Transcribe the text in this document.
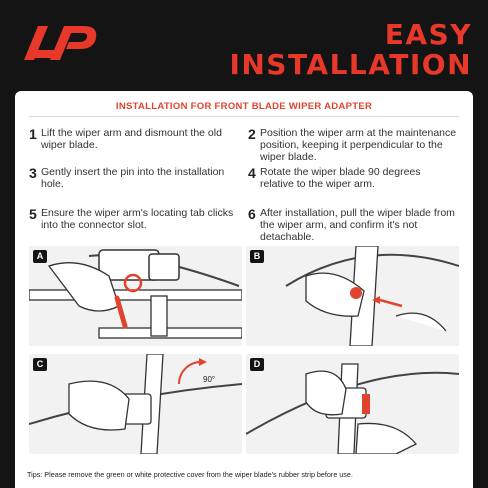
EASY
INSTALLATION
INSTALLATION FOR FRONT BLADE WIPER ADAPTER
1 Lift the wiper arm and dismount the old wiper blade.
2 Position the wiper arm at the maintenance position, keeping it perpendicular to the wiper blade.
3 Gently insert the pin into the installation hole.
4 Rotate the wiper blade 90 degrees relative to the wiper arm.
5 Ensure the wiper arm's locating tab clicks into the connector slot.
6 After installation, pull the wiper blade from the wiper arm, and confirm it's not detachable.
A	B
90°
C	D
Tips: Please remove the green or white protective cover from the wiper blade's rubber strip before use.
